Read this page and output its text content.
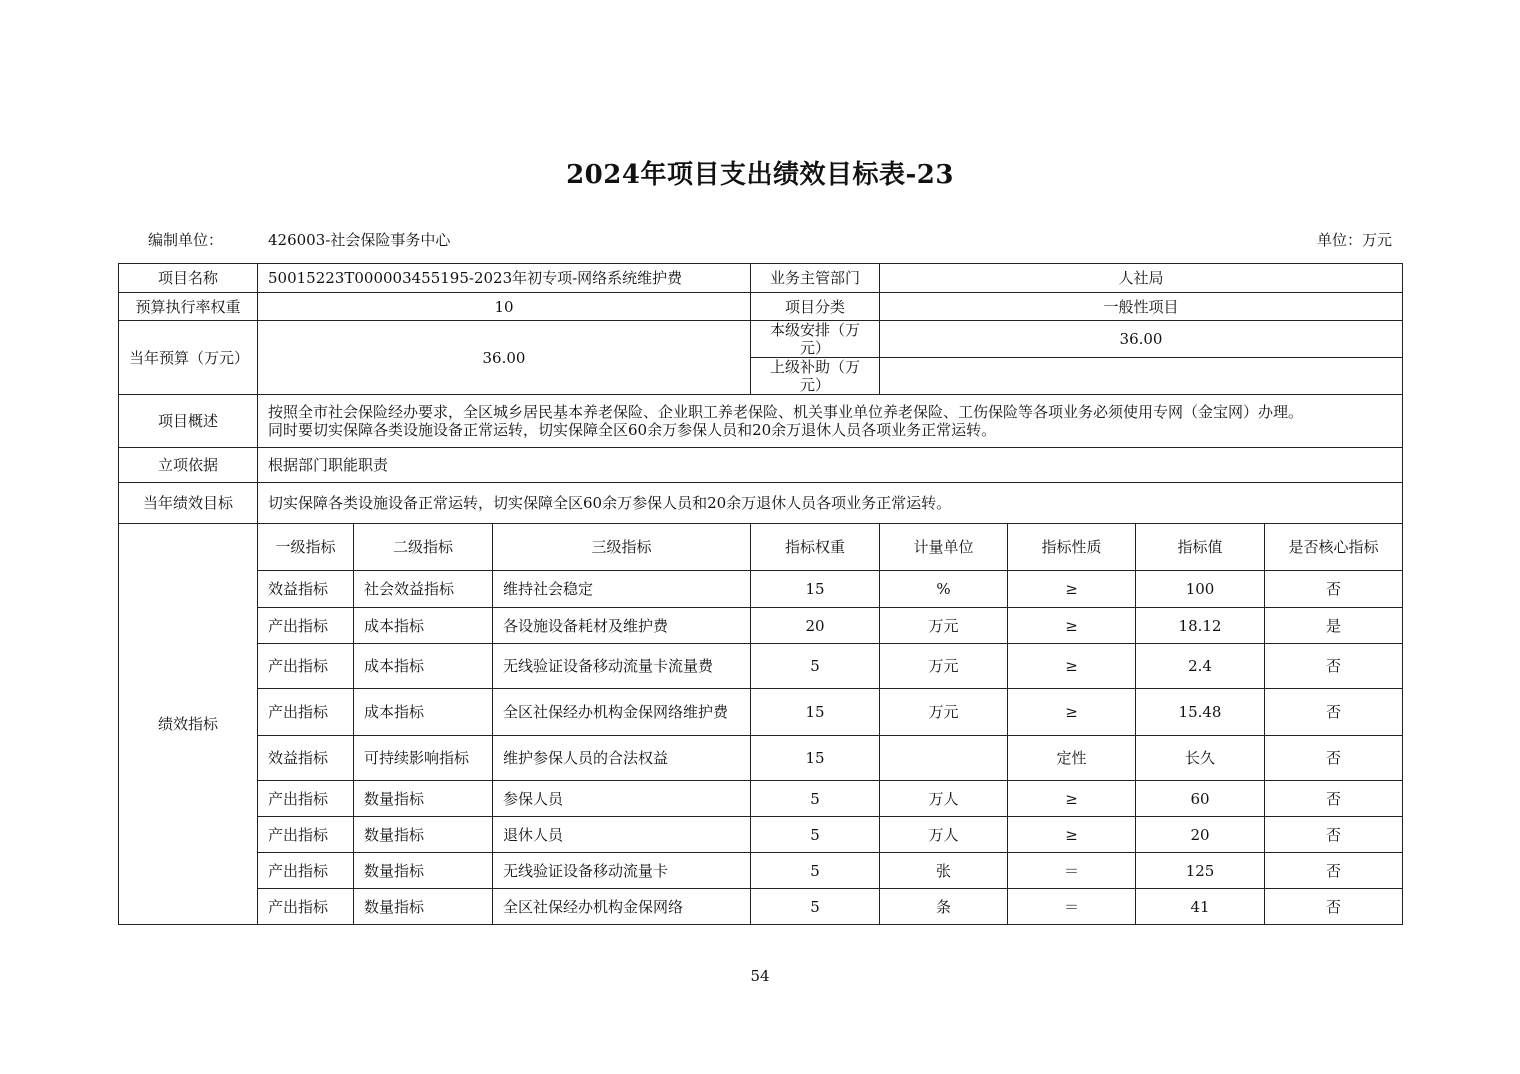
2024年项目支出绩效目标表-23
编制单位：	426003-社会保险事务中心	单位：万元
项目名称	50015223T000003455195-2023年初专项-网络系统维护费			业务主管部门	人社局			
预算执行率权重	10			项目分类	一般性项目			
当年预算（万元）	36.00			本级安排（万元）	36.00			
				上级补助（万元）				
项目概述	按照全市社会保险经办要求，全区城乡居民基本养老保险、企业职工养老保险、机关事业单位养老保险、工伤保险等各项业务必须使用专网（金宝网）办理。
同时要切实保障各类设施设备正常运转，切实保障全区60余万参保人员和20余万退休人员各项业务正常运转。							

立项依据	根据部门职能职责							
当年绩效目标	切实保障各类设施设备正常运转，切实保障全区60余万参保人员和20余万退休人员各项业务正常运转。							
绩效指标	一级指标	二级指标	三级指标	指标权重	计量单位	指标性质	指标值	是否核心指标
	效益指标	社会效益指标	维持社会稳定	15	%	≥	100	否
	产出指标	成本指标	各设施设备耗材及维护费	20	万元	≥	18.12	是
	产出指标	成本指标	无线验证设备移动流量卡流量费	5	万元	≥	2.4	否
	产出指标	成本指标	全区社保经办机构金保网络维护费	15	万元	≥	15.48	否
	效益指标	可持续影响指标	维护参保人员的合法权益	15		定性	长久	否
	产出指标	数量指标	参保人员	5	万人	≥	60	否
	产出指标	数量指标	退休人员	5	万人	≥	20	否
	产出指标	数量指标	无线验证设备移动流量卡	5	张	＝	125	否
	产出指标	数量指标	全区社保经办机构金保网络	5	条	＝	41	否
54
